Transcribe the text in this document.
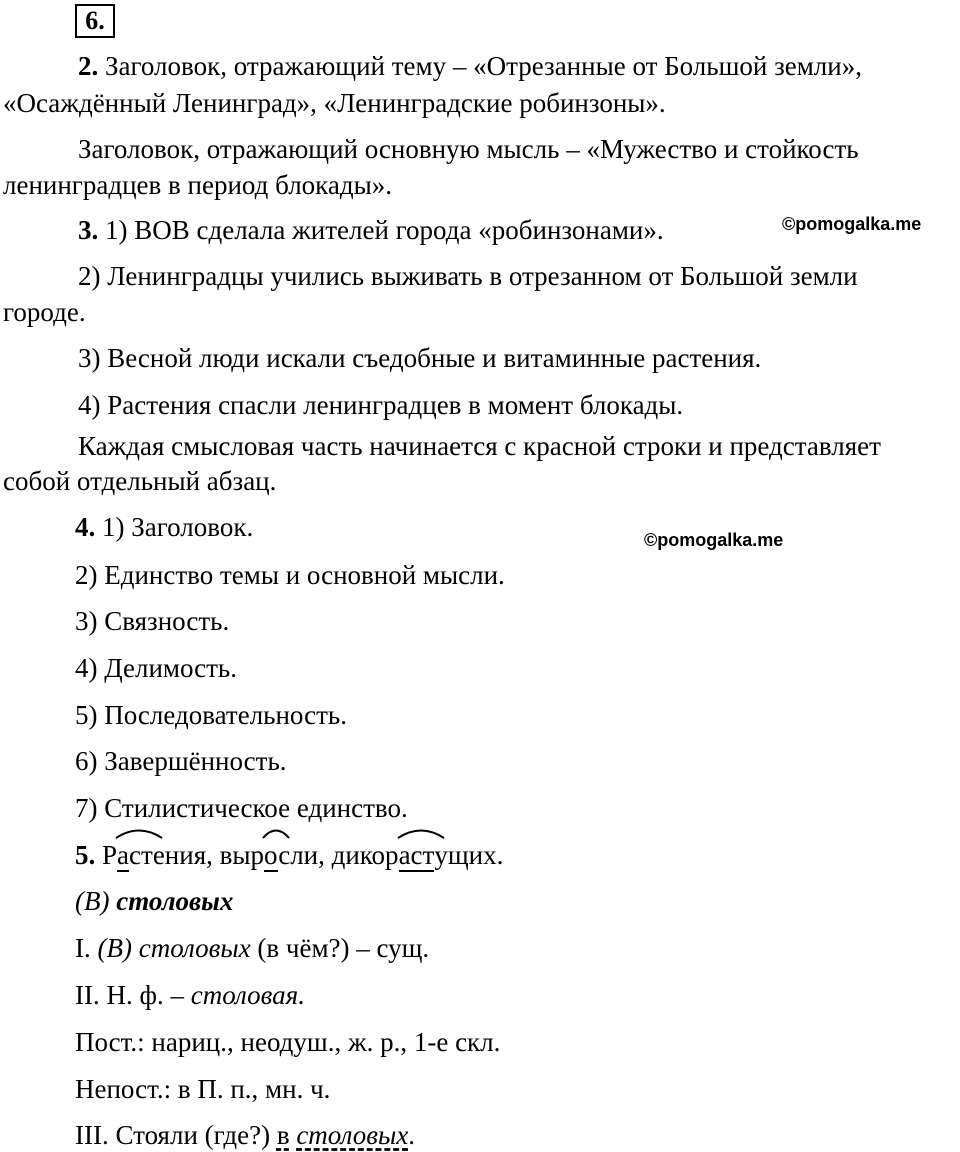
6.
2. Заголовок, отражающий тему – «Отрезанные от Большой земли»,
«Осаждённый Ленинград», «Ленинградские робинзоны».
Заголовок, отражающий основную мысль – «Мужество и стойкость
ленинградцев в период блокады».
3. 1) ВОВ сделала жителей города «робинзонами».	©pomogalka.me
2) Ленинградцы учились выживать в отрезанном от Большой земли
городе.
3) Весной люди искали съедобные и витаминные растения.
4) Растения спасли ленинградцев в момент блокады.
Каждая смысловая часть начинается с красной строки и представляет
собой отдельный абзац.
4. 1) Заголовок.	©pomogalka.me
2) Единство темы и основной мысли.
3) Связность.
4) Делимость.
5) Последовательность.
6) Завершённость.
7) Стилистическое единство.
5. Р
астения, выр
осли, дикор
астущих.
(В) столовых
I. (В) столовых (в чём?) – сущ.
II. Н. ф. – столовая.
Пост.: нариц., неодуш., ж. р., 1-е скл.
Непост.: в П. п., мн. ч.
III. Стояли (где?) в столовых.
